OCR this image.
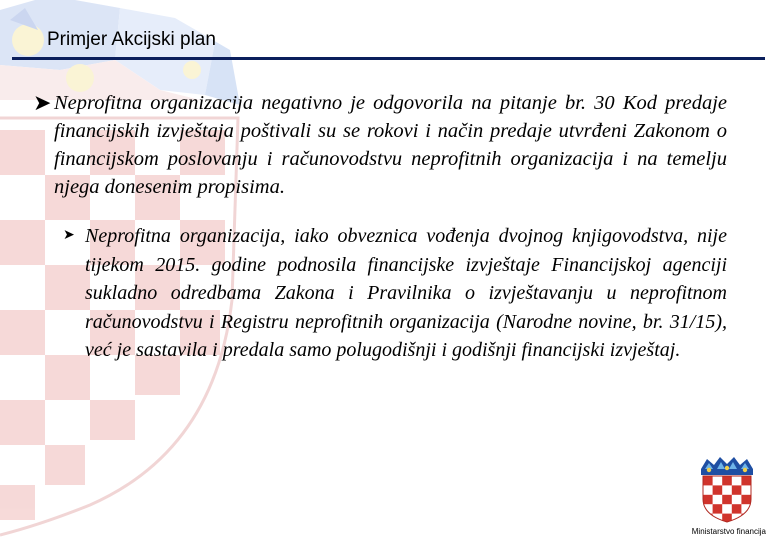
Primjer Akcijski plan
➤ Neprofitna organizacija negativno je odgovorila na pitanje br. 30 Kod predaje financijskih izvještaja poštivali su se rokovi i način predaje utvrđeni Zakonom o financijskom poslovanju i računovodstvu neprofitnih organizacija i na temelju njega donesenim propisima.

➤ Neprofitna organizacija, iako obveznica vođenja dvojnog knjigovodstva, nije tijekom 2015. godine podnosila financijske izvještaje Financijskoj agenciji sukladno odredbama Zakona i Pravilnika o izvještavanju u neprofitnom računovodstvu i Registru neprofitnih organizacija (Narodne novine, br. 31/15), već je sastavila i predala samo polugodišnji i godišnji financijski izvještaj.

Ministarstvo financija
